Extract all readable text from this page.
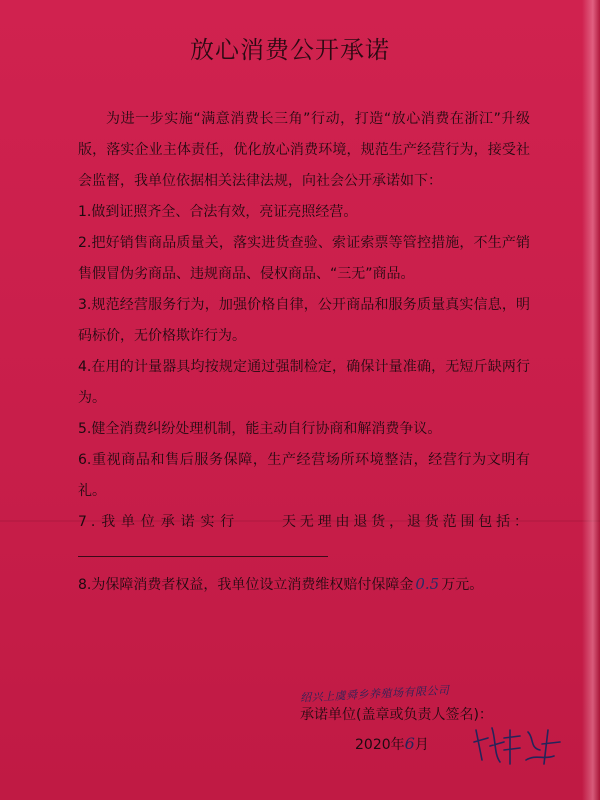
放心消费公开承诺

为进一步实施“满意消费长三角”行动，打造“放心消费在浙江”升级版，落实企业主体责任，优化放心消费环境，规范生产经营行为，接受社会监督，我单位依据相关法律法规，向社会公开承诺如下：

1.做到证照齐全、合法有效，亮证亮照经营。

2.把好销售商品质量关，落实进货查验、索证索票等管控措施，不生产销售假冒伪劣商品、违规商品、侵权商品、“三无”商品。

3.规范经营服务行为，加强价格自律，公开商品和服务质量真实信息，明码标价，无价格欺诈行为。

4.在用的计量器具均按规定通过强制检定，确保计量准确，无短斤缺两行为。

5.健全消费纠纷处理机制，能主动自行协商和解消费争议。

6.重视商品和售后服务保障，生产经营场所环境整洁，经营行为文明有礼。

7.我单位承诺实行	天无理由退货，退货范围包括：

8.为保障消费者权益，我单位设立消费维权赔付保障金 0.5 万元。

绍兴上虞舜乡养殖场有限公司
承诺单位(盖章或负责人签名)：
2020年6月
